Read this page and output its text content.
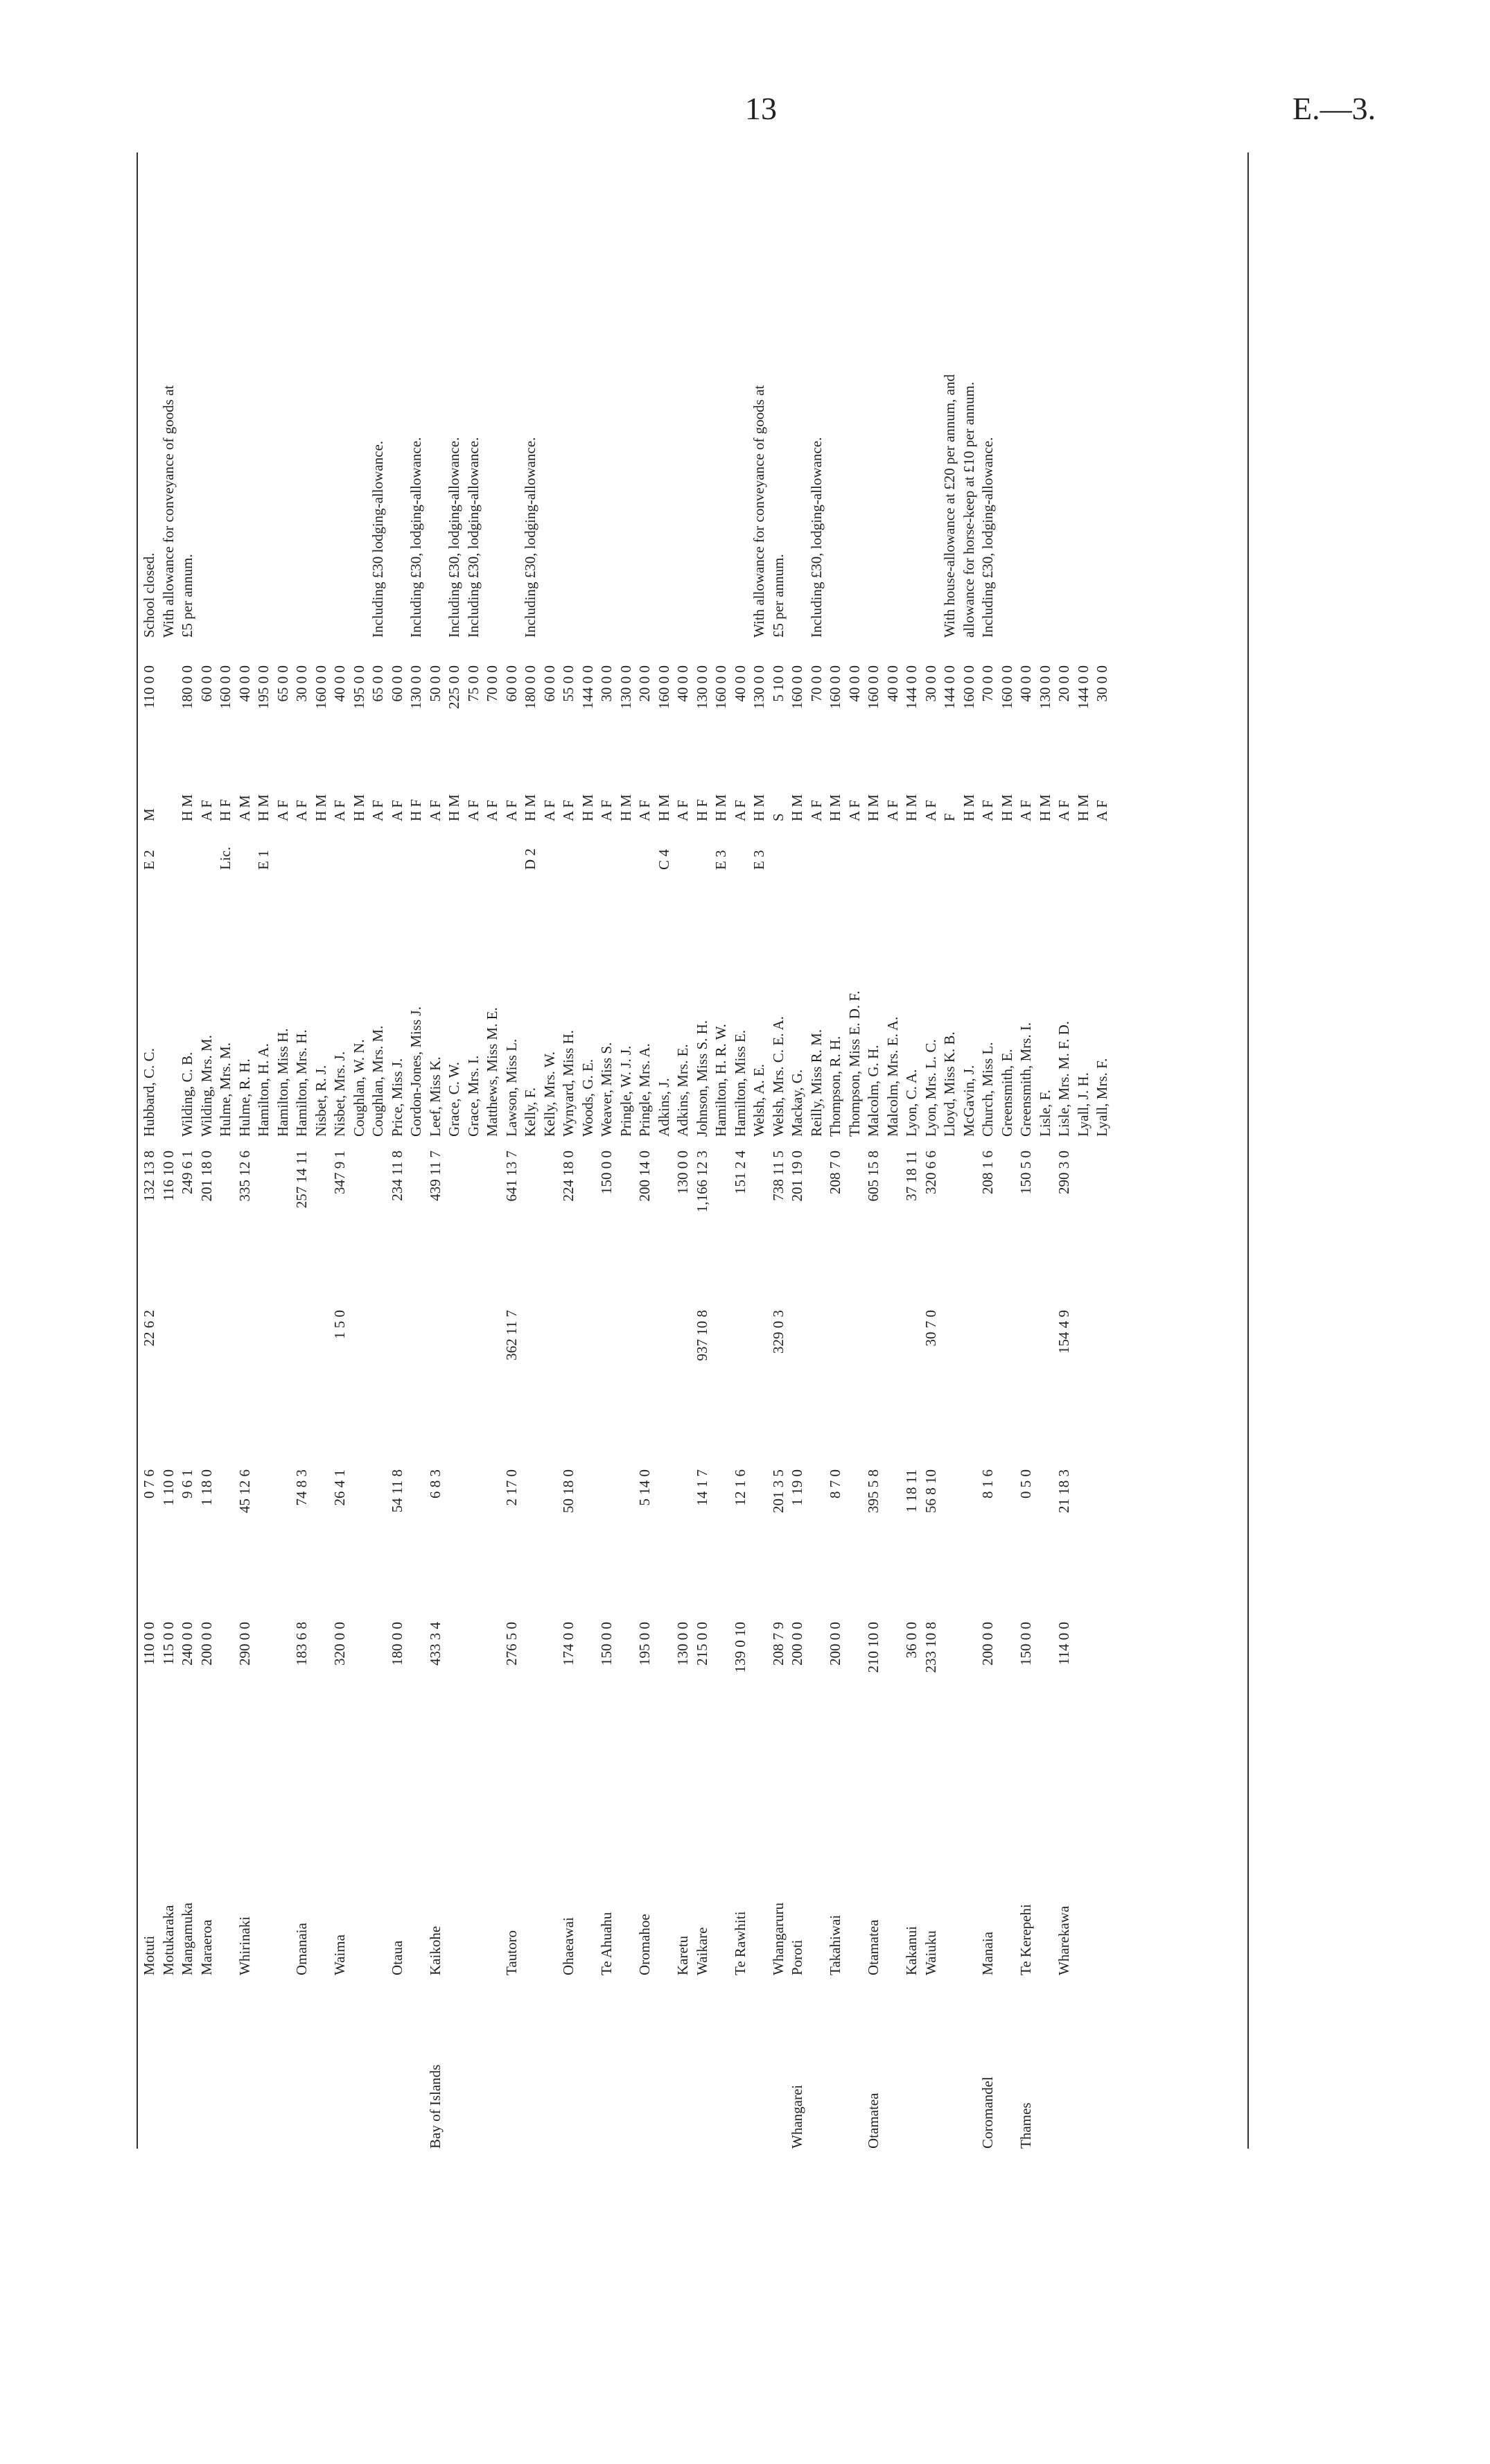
13	E.—3.
Motuti
110 0 0
0 7 6
22 6 2
132 13 8
Hubbard, C. C.
E 2
M
110 0 0
School closed.
Motukaraka
115 0 0
1 10 0
116 10 0
With allowance for conveyance of goods at
Mangamuka
240 0 0
9 6 1
249 6 1
Wilding, C. B.
H M
180 0 0
£5 per annum.
Maraeroa
200 0 0
1 18 0
201 18 0
Wilding, Mrs. M.
A F
60 0 0
Hulme, Mrs. M.
Lic.
H F
160 0 0
Whirinaki
290 0 0
45 12 6
335 12 6
Hulme, R. H.
A M
40 0 0
Hamilton, H. A.
E 1
H M
195 0 0
Hamilton, Miss H.
A F
65 0 0
Omanaia
183 6 8
74 8 3
257 14 11
Hamilton, Mrs. H.
A F
30 0 0
Nisbet, R. J.
H M
160 0 0
Waima
320 0 0
26 4 1
1 5 0
347 9 1
Nisbet, Mrs. J.
A F
40 0 0
Coughlan, W. N.
H M
195 0 0
Coughlan, Mrs. M.
A F
65 0 0
Including £30 lodging-allowance.
Otaua
180 0 0
54 11 8
234 11 8
Price, Miss J.
A F
60 0 0
Gordon-Jones, Miss J.
H F
130 0 0
Including £30, lodging-allowance.
Bay of Islands
Kaikohe
433 3 4
6 8 3
439 11 7
Leef, Miss K.
A F
50 0 0
Grace, C. W.
H M
225 0 0
Including £30, lodging-allowance.
Grace, Mrs. I.
A F
75 0 0
Including £30, lodging-allowance.
Matthews, Miss M. E.
A F
70 0 0
Tautoro
276 5 0
2 17 0
362 11 7
641 13 7
Lawson, Miss L.
A F
60 0 0
Kelly, F.
D 2
H M
180 0 0
Including £30, lodging-allowance.
Kelly, Mrs. W.
A F
60 0 0
Ohaeawai
174 0 0
50 18 0
224 18 0
Wynyard, Miss H.
A F
55 0 0
Woods, G. E.
H M
144 0 0
Te Ahuahu
150 0 0
150 0 0
Weaver, Miss S.
A F
30 0 0
Pringle, W. J. J.
H M
130 0 0
Oromahoe
195 0 0
5 14 0
200 14 0
Pringle, Mrs. A.
A F
20 0 0
Adkins, J.
C 4
H M
160 0 0
Karetu
130 0 0
130 0 0
Adkins, Mrs. E.
A F
40 0 0
Waikare
215 0 0
14 1 7
937 10 8
1,166 12 3
Johnson, Miss S. H.
H F
130 0 0
Hamilton, H. R. W.
E 3
H M
160 0 0
Te Rawhiti
139 0 10
12 1 6
151 2 4
Hamilton, Miss E.
A F
40 0 0
Welsh, A. E.
E 3
H M
130 0 0
With allowance for conveyance of goods at
Whangaruru
208 7 9
201 3 5
329 0 3
738 11 5
Welsh, Mrs. C. E. A.
S
5 10 0
£5 per annum.
Whangarei
Poroti
200 0 0
1 19 0
201 19 0
Mackay, G.
H M
160 0 0
Reilly, Miss R. M.
A F
70 0 0
Including £30, lodging-allowance.
Takahiwai
200 0 0
8 7 0
208 7 0
Thompson, R. H.
H M
160 0 0
Thompson, Miss E. D. F.
A F
40 0 0
Otamatea
Otamatea
210 10 0
395 5 8
605 15 8
Malcolm, G. H.
H M
160 0 0
Malcolm, Mrs. E. A.
A F
40 0 0
Kakanui
36 0 0
1 18 11
37 18 11
Lyon, C. A.
H M
144 0 0
Waiuku
233 10 8
56 8 10
30 7 0
320 6 6
Lyon, Mrs. L. C.
A F
30 0 0
Lloyd, Miss K. B.
F
144 0 0
With house-allowance at £20 per annum, and
McGavin, J.
H M
160 0 0
allowance for horse-keep at £10 per annum.
Coromandel
Manaia
200 0 0
8 1 6
208 1 6
Church, Miss L.
A F
70 0 0
Including £30, lodging-allowance.
Greensmith, E.
H M
160 0 0
Thames
Te Kerepehi
150 0 0
0 5 0
150 5 0
Greensmith, Mrs. I.
A F
40 0 0
Lisle, F.
H M
130 0 0
Wharekawa
114 0 0
21 18 3
154 4 9
290 3 0
Lisle, Mrs. M. F. D.
A F
20 0 0
Lyall, J. H.
H M
144 0 0
Lyall, Mrs. F.
A F
30 0 0
